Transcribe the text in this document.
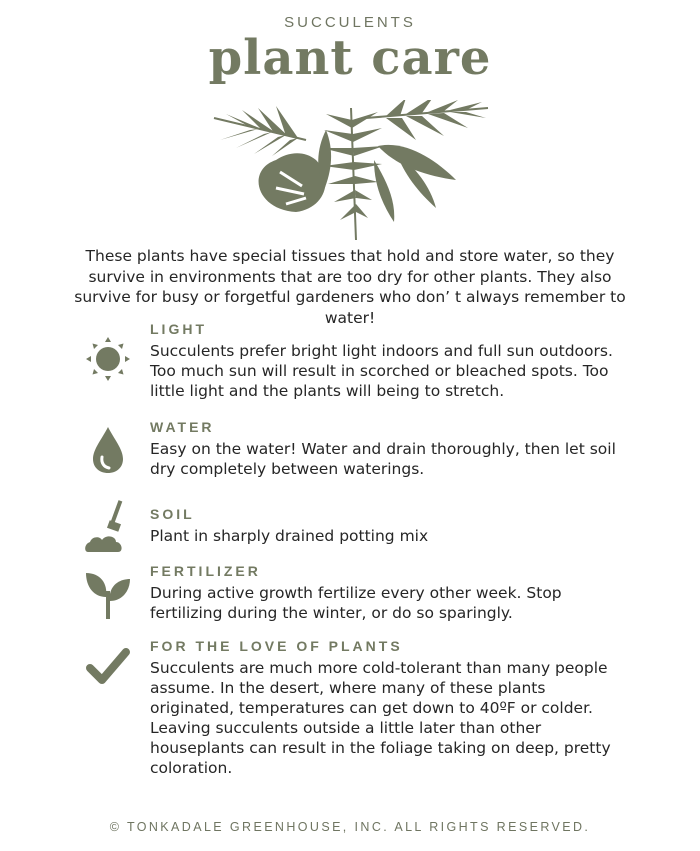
SUCCULENTS
plant care
These plants have special tissues that hold and store water, so they survive in environments that are too dry for other plants. They also survive for busy or forgetful gardeners who don’ t always remember to water!
LIGHT
Succulents prefer bright light indoors and full sun outdoors. Too much sun will result in scorched or bleached spots. Too little light and the plants will being to stretch.
WATER
Easy on the water! Water and drain thoroughly, then let soil dry completely between waterings.
SOIL
Plant in sharply drained potting mix
FERTILIZER
During active growth fertilize every other week. Stop fertilizing during the winter, or do so sparingly.
FOR THE LOVE OF PLANTS
Succulents are much more cold-tolerant than many people assume. In the desert, where many of these plants originated, temperatures can get down to 40ºF or colder. Leaving succulents outside a little later than other houseplants can result in the foliage taking on deep, pretty coloration.
© TONKADALE GREENHOUSE, INC. ALL RIGHTS RESERVED.
